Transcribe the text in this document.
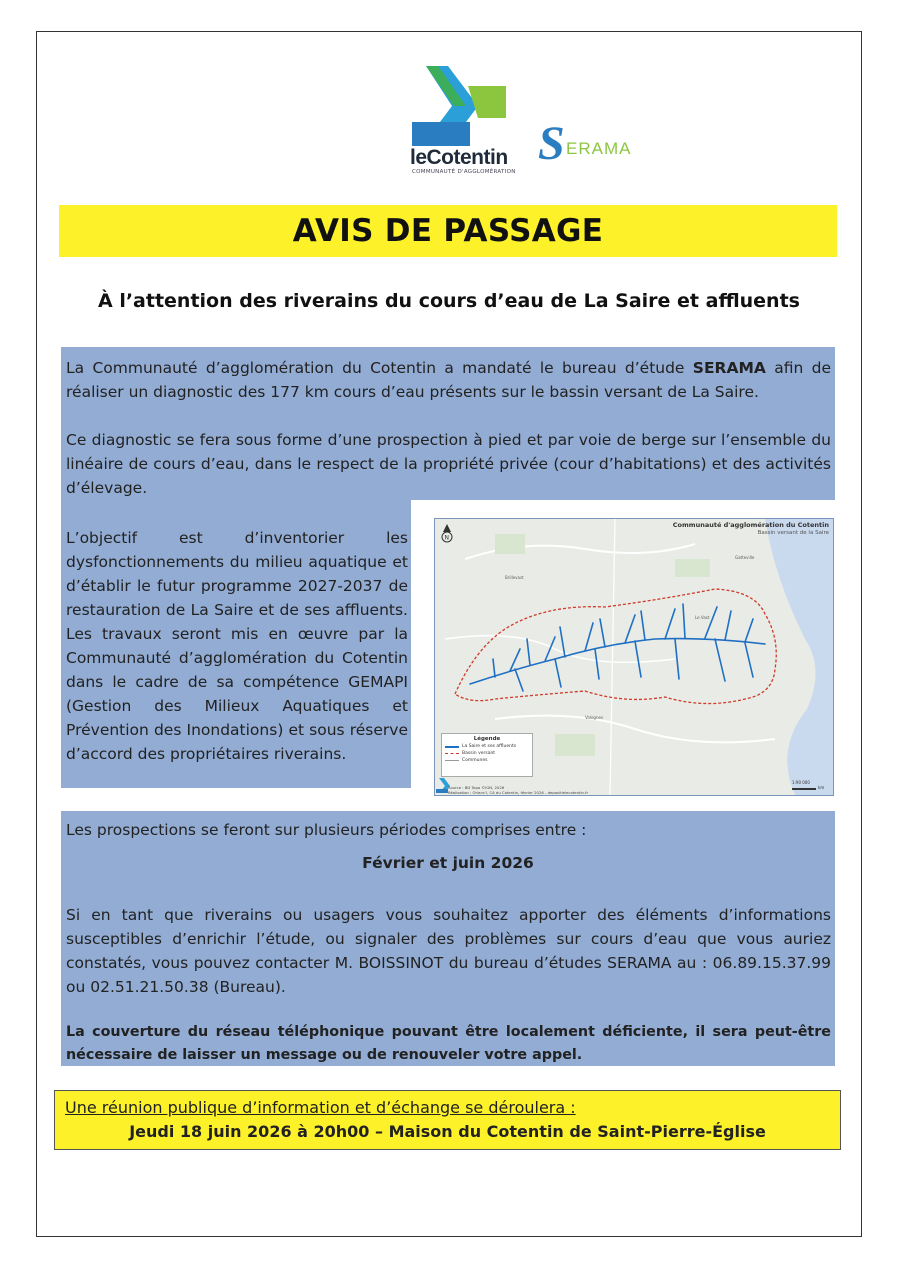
leCotentin
COMMUNAUTÉ D'AGGLOMÉRATION
S ERAMA
AVIS DE PASSAGE
À l’attention des riverains du cours d’eau de La Saire et affluents
La Communauté d’agglomération du Cotentin a mandaté le bureau d’étude SERAMA afin de réaliser un diagnostic des 177 km cours d’eau présents sur le bassin versant de La Saire.
Ce diagnostic se fera sous forme d’une prospection à pied et par voie de berge sur l’ensemble du linéaire de cours d’eau, dans le respect de la propriété privée (cour d’habitations) et des activités d’élevage.
L’objectif est d’inventorier les dysfonctionnements du milieu aquatique et d’établir le futur programme 2027-2037 de restauration de La Saire et de ses affluents. Les travaux seront mis en œuvre par la Communauté d’agglomération du Cotentin dans le cadre de sa compétence GEMAPI (Gestion des Milieux Aquatiques et Prévention des Inondations) et sous réserve d’accord des propriétaires riverains.
Brillevast
Le Vast
Valognes
Gatteville
Communauté d'agglomération du Cotentin
Bassin versant de la Saire
Légende
La Saire et ses affluents
Bassin versant
Communes
N
Source : BD Topo ©IGN, 2026
Réalisation : Orlanc'l, CA du Cotentin, février 2026 - depositlelecotentin.fr
1:90 000
km
Les prospections se feront sur plusieurs périodes comprises entre :
Février et juin 2026
Si en tant que riverains ou usagers vous souhaitez apporter des éléments d’informations susceptibles d’enrichir l’étude, ou signaler des problèmes sur cours d’eau que vous auriez constatés, vous pouvez contacter M. BOISSINOT du bureau d’études SERAMA au : 06.89.15.37.99 ou 02.51.21.50.38 (Bureau).
La couverture du réseau téléphonique pouvant être localement déficiente, il sera peut-être nécessaire de laisser un message ou de renouveler votre appel.
Une réunion publique d’information et d’échange se déroulera :
Jeudi 18 juin 2026 à 20h00 – Maison du Cotentin de Saint-Pierre-Église
